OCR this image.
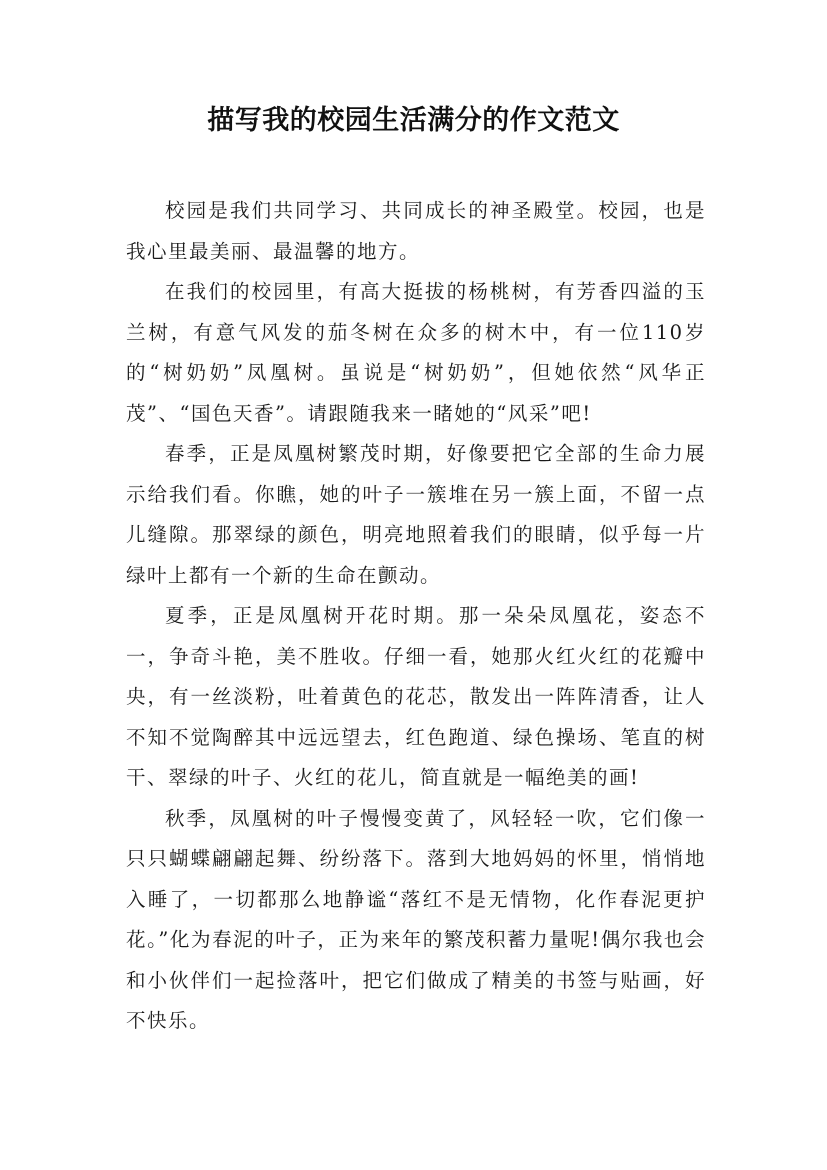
描写我的校园生活满分的作文范文

校园是我们共同学习、共同成长的神圣殿堂。校园，也是我心里最美丽、最温馨的地方。

在我们的校园里，有高大挺拔的杨桃树，有芳香四溢的玉兰树，有意气风发的茄冬树在众多的树木中，有一位110岁的“树奶奶”凤凰树。虽说是“树奶奶”，但她依然“风华正茂”、“国色天香”。请跟随我来一睹她的“风采”吧!

春季，正是凤凰树繁茂时期，好像要把它全部的生命力展示给我们看。你瞧，她的叶子一簇堆在另一簇上面，不留一点儿缝隙。那翠绿的颜色，明亮地照着我们的眼睛，似乎每一片绿叶上都有一个新的生命在颤动。

夏季，正是凤凰树开花时期。那一朵朵凤凰花，姿态不一，争奇斗艳，美不胜收。仔细一看，她那火红火红的花瓣中央，有一丝淡粉，吐着黄色的花芯，散发出一阵阵清香，让人不知不觉陶醉其中远远望去，红色跑道、绿色操场、笔直的树干、翠绿的叶子、火红的花儿，简直就是一幅绝美的画!

秋季，凤凰树的叶子慢慢变黄了，风轻轻一吹，它们像一只只蝴蝶翩翩起舞、纷纷落下。落到大地妈妈的怀里，悄悄地入睡了，一切都那么地静谧“落红不是无情物，化作春泥更护花。”化为春泥的叶子，正为来年的繁茂积蓄力量呢!偶尔我也会和小伙伴们一起捡落叶，把它们做成了精美的书签与贴画，好不快乐。
